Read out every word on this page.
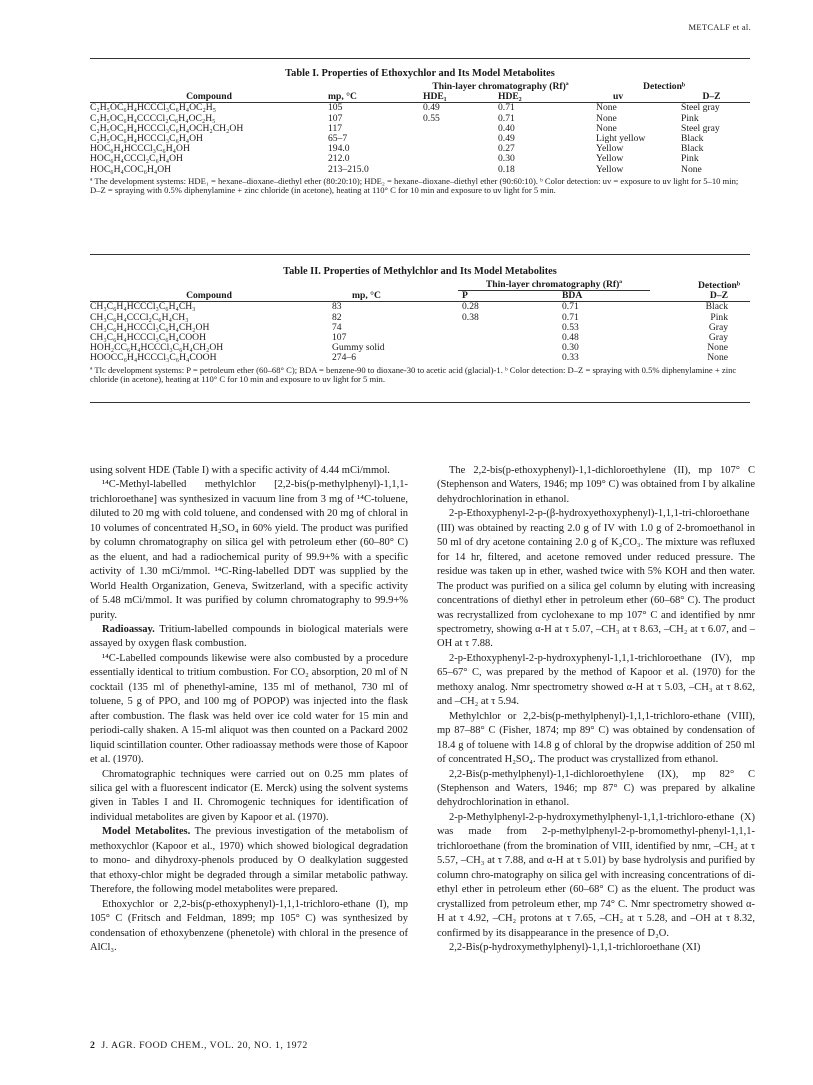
METCALF et al.
Table I. Properties of Ethoxychlor and Its Model Metabolites
		Thin-layer chromatography (Rf)ª		Detectionᵇ	
Compound	mp, °C	HDE₁	HDE₂	uv	D–Z
C₂H₅OC₆H₄HCCCl₃C₆H₄OC₂H₅	105	0.49	0.71	None	Steel gray
C₂H₅OC₆H₄CCCCl₂C₆H₄OC₂H₅	107	0.55	0.71	None	Pink
C₂H₅OC₆H₄HCCCl₃C₆H₄OCH₂CH₂OH	117		0.40	None	Steel gray
C₂H₅OC₆H₄HCCCl₃C₆H₄OH	65–7		0.49	Light yellow	Black
HOC₆H₄HCCCl₃C₆H₄OH	194.0		0.27	Yellow	Black
HOC₆H₄CCCl₂C₆H₄OH	212.0		0.30	Yellow	Pink
HOC₆H₄COC₆H₄OH	213–215.0		0.18	Yellow	None
ª The development systems: HDE₁ = hexane–dioxane–diethyl ether (80:20:10); HDE₂ = hexane–dioxane–diethyl ether (90:60:10). ᵇ Color detection: uv = exposure to uv light for 5–10 min; D–Z = spraying with 0.5% diphenylamine + zinc chloride (in acetone), heating at 110° C for 10 min and exposure to uv light for 5 min.
Table II. Properties of Methylchlor and Its Model Metabolites
		Thin-layer chromatography (Rf)ª		Detectionᵇ
Compound	mp, °C	P	BDA	D–Z
CH₃C₆H₄HCCCl₃C₆H₄CH₃	83	0.28	0.71	Black
CH₃C₆H₄CCCl₂C₆H₄CH₃	82	0.38	0.71	Pink
CH₃C₆H₄HCCCl₃C₆H₄CH₂OH	74		0.53	Gray
CH₃C₆H₄HCCCl₃C₆H₄COOH	107		0.48	Gray
HOH₂CC₆H₄HCCCl₃C₆H₄CH₂OH	Gummy solid		0.30	None
HOOCC₆H₄HCCCl₃C₆H₄COOH	274–6		0.33	None
ª Tlc development systems: P = petroleum ether (60–68° C); BDA = benzene-90 to dioxane-30 to acetic acid (glacial)-1. ᵇ Color detection: D–Z = spraying with 0.5% diphenylamine + zinc chloride (in acetone), heating at 110° C for 10 min and exposure to uv light for 5 min.

using solvent HDE (Table I) with a specific activity of 4.44 mCi/mmol.

¹⁴C-Methyl-labelled methylchlor [2,2-bis(p-methylphenyl)-1,1,1-trichloroethane] was synthesized in vacuum line from 3 mg of ¹⁴C-toluene, diluted to 20 mg with cold toluene, and condensed with 20 mg of chloral in 10 volumes of concentrated H₂SO₄ in 60% yield. The product was purified by column chromatography on silica gel with petroleum ether (60–80° C) as the eluent, and had a radiochemical purity of 99.9+% with a specific activity of 1.30 mCi/mmol. ¹⁴C-Ring-labelled DDT was supplied by the World Health Organization, Geneva, Switzerland, with a specific activity of 5.48 mCi/mmol. It was purified by column chromatography to 99.9+% purity.

Radioassay. Tritium-labelled compounds in biological materials were assayed by oxygen flask combustion.

¹⁴C-Labelled compounds likewise were also combusted by a procedure essentially identical to tritium combustion. For CO₂ absorption, 20 ml of N cocktail (135 ml of phenethyl-amine, 135 ml of methanol, 730 ml of toluene, 5 g of PPO, and 100 mg of POPOP) was injected into the flask after combustion. The flask was held over ice cold water for 15 min and periodi-cally shaken. A 15-ml aliquot was then counted on a Packard 2002 liquid scintillation counter. Other radioassay methods were those of Kapoor et al. (1970).

Chromatographic techniques were carried out on 0.25 mm plates of silica gel with a fluorescent indicator (E. Merck) using the solvent systems given in Tables I and II. Chromogenic techniques for identification of individual metabolites are given by Kapoor et al. (1970).

Model Metabolites. The previous investigation of the metabolism of methoxychlor (Kapoor et al., 1970) which showed biological degradation to mono- and dihydroxy-phenols produced by O dealkylation suggested that ethoxy-chlor might be degraded through a similar metabolic pathway. Therefore, the following model metabolites were prepared.

Ethoxychlor or 2,2-bis(p-ethoxyphenyl)-1,1,1-trichloro-ethane (I), mp 105° C (Fritsch and Feldman, 1899; mp 105° C) was synthesized by condensation of ethoxybenzene (phenetole) with chloral in the presence of AlCl₃.

The 2,2-bis(p-ethoxyphenyl)-1,1-dichloroethylene (II), mp 107° C (Stephenson and Waters, 1946; mp 109° C) was obtained from I by alkaline dehydrochlorination in ethanol.

2-p-Ethoxyphenyl-2-p-(β-hydroxyethoxyphenyl)-1,1,1-tri-chloroethane (III) was obtained by reacting 2.0 g of IV with 1.0 g of 2-bromoethanol in 50 ml of dry acetone containing 2.0 g of K₂CO₃. The mixture was refluxed for 14 hr, filtered, and acetone removed under reduced pressure. The residue was taken up in ether, washed twice with 5% KOH and then water. The product was purified on a silica gel column by eluting with increasing concentrations of diethyl ether in petroleum ether (60–68° C). The product was recrystallized from cyclohexane to mp 107° C and identified by nmr spectrometry, showing α-H at τ 5.07, –CH₃ at τ 8.63, –CH₂ at τ 6.07, and –OH at τ 7.88.

2-p-Ethoxyphenyl-2-p-hydroxyphenyl-1,1,1-trichloroethane (IV), mp 65–67° C, was prepared by the method of Kapoor et al. (1970) for the methoxy analog. Nmr spectrometry showed α-H at τ 5.03, –CH₃ at τ 8.62, and –CH₂ at τ 5.94.

Methylchlor or 2,2-bis(p-methylphenyl)-1,1,1-trichloro-ethane (VIII), mp 87–88° C (Fisher, 1874; mp 89° C) was obtained by condensation of 18.4 g of toluene with 14.8 g of chloral by the dropwise addition of 250 ml of concentrated H₂SO₄. The product was crystallized from ethanol.

2,2-Bis(p-methylphenyl)-1,1-dichloroethylene (IX), mp 82° C (Stephenson and Waters, 1946; mp 87° C) was prepared by alkaline dehydrochlorination in ethanol.

2-p-Methylphenyl-2-p-hydroxymethylphenyl-1,1,1-trichloro-ethane (X) was made from 2-p-methylphenyl-2-p-bromomethyl-phenyl-1,1,1-trichloroethane (from the bromination of VIII, identified by nmr, –CH₂ at τ 5.57, –CH₃ at τ 7.88, and α-H at τ 5.01) by base hydrolysis and purified by column chro-matography on silica gel with increasing concentrations of di-ethyl ether in petroleum ether (60–68° C) as the eluent. The product was crystallized from petroleum ether, mp 74° C. Nmr spectrometry showed α-H at τ 4.92, –CH₂ protons at τ 7.65, –CH₂ at τ 5.28, and –OH at τ 8.32, confirmed by its disappearance in the presence of D₂O.

2,2-Bis(p-hydroxymethylphenyl)-1,1,1-trichloroethane (XI)

2 J. AGR. FOOD CHEM., VOL. 20, NO. 1, 1972
